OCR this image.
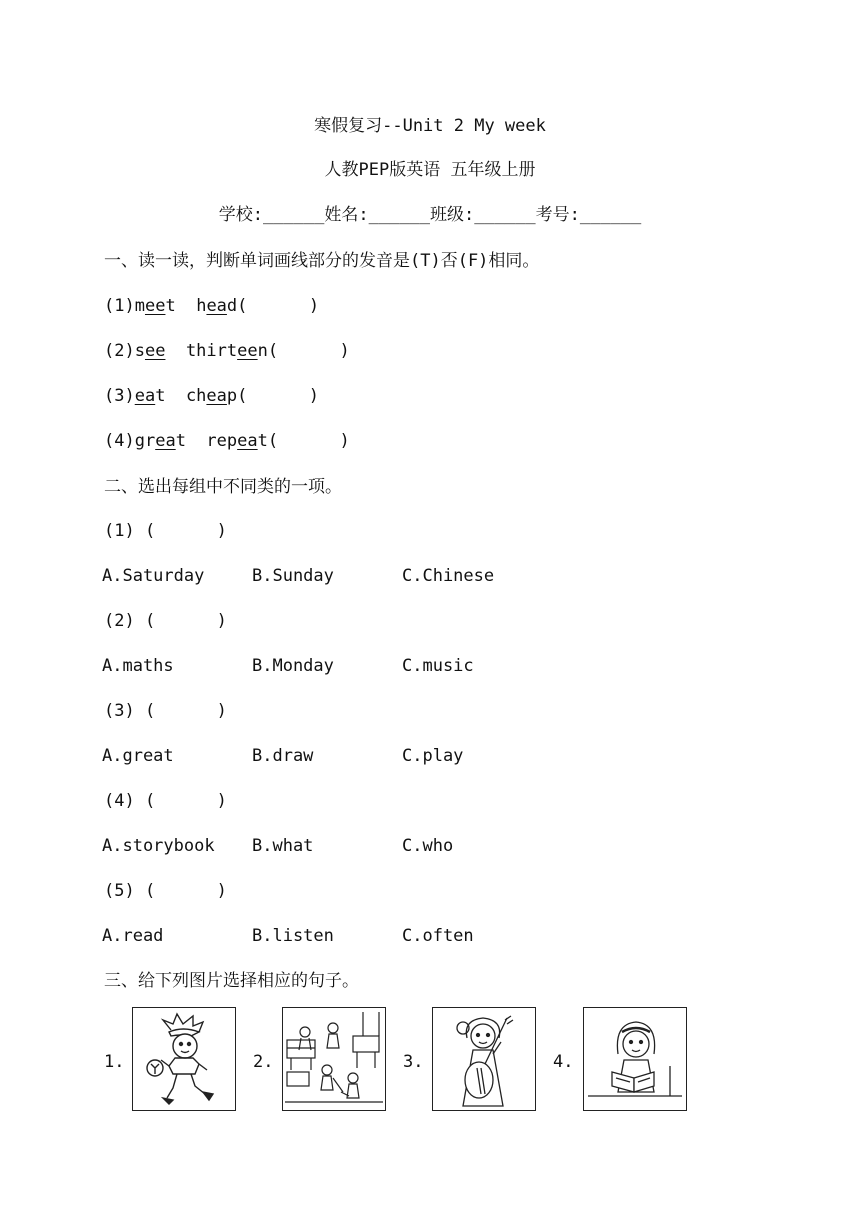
寒假复习--Unit 2 My week
人教PEP版英语 五年级上册
学校:______姓名:______班级:______考号:______
一、读一读，判断单词画线部分的发音是(T)否(F)相同。
(1)meet head(      )
(2)see thirteen(      )
(3)eat cheap(      )
(4)great repeat(      )
二、选出每组中不同类的一项。
(1) (      )
A.Saturday	B.Sunday	C.Chinese
(2) (      )
A.maths	B.Monday	C.music
(3) (      )
A.great	B.draw	C.play
(4) (      )
A.storybook B.what	C.who
(5) (      )
A.read	B.listen	C.often
三、给下列图片选择相应的句子。
1.	2.	3.	4.
